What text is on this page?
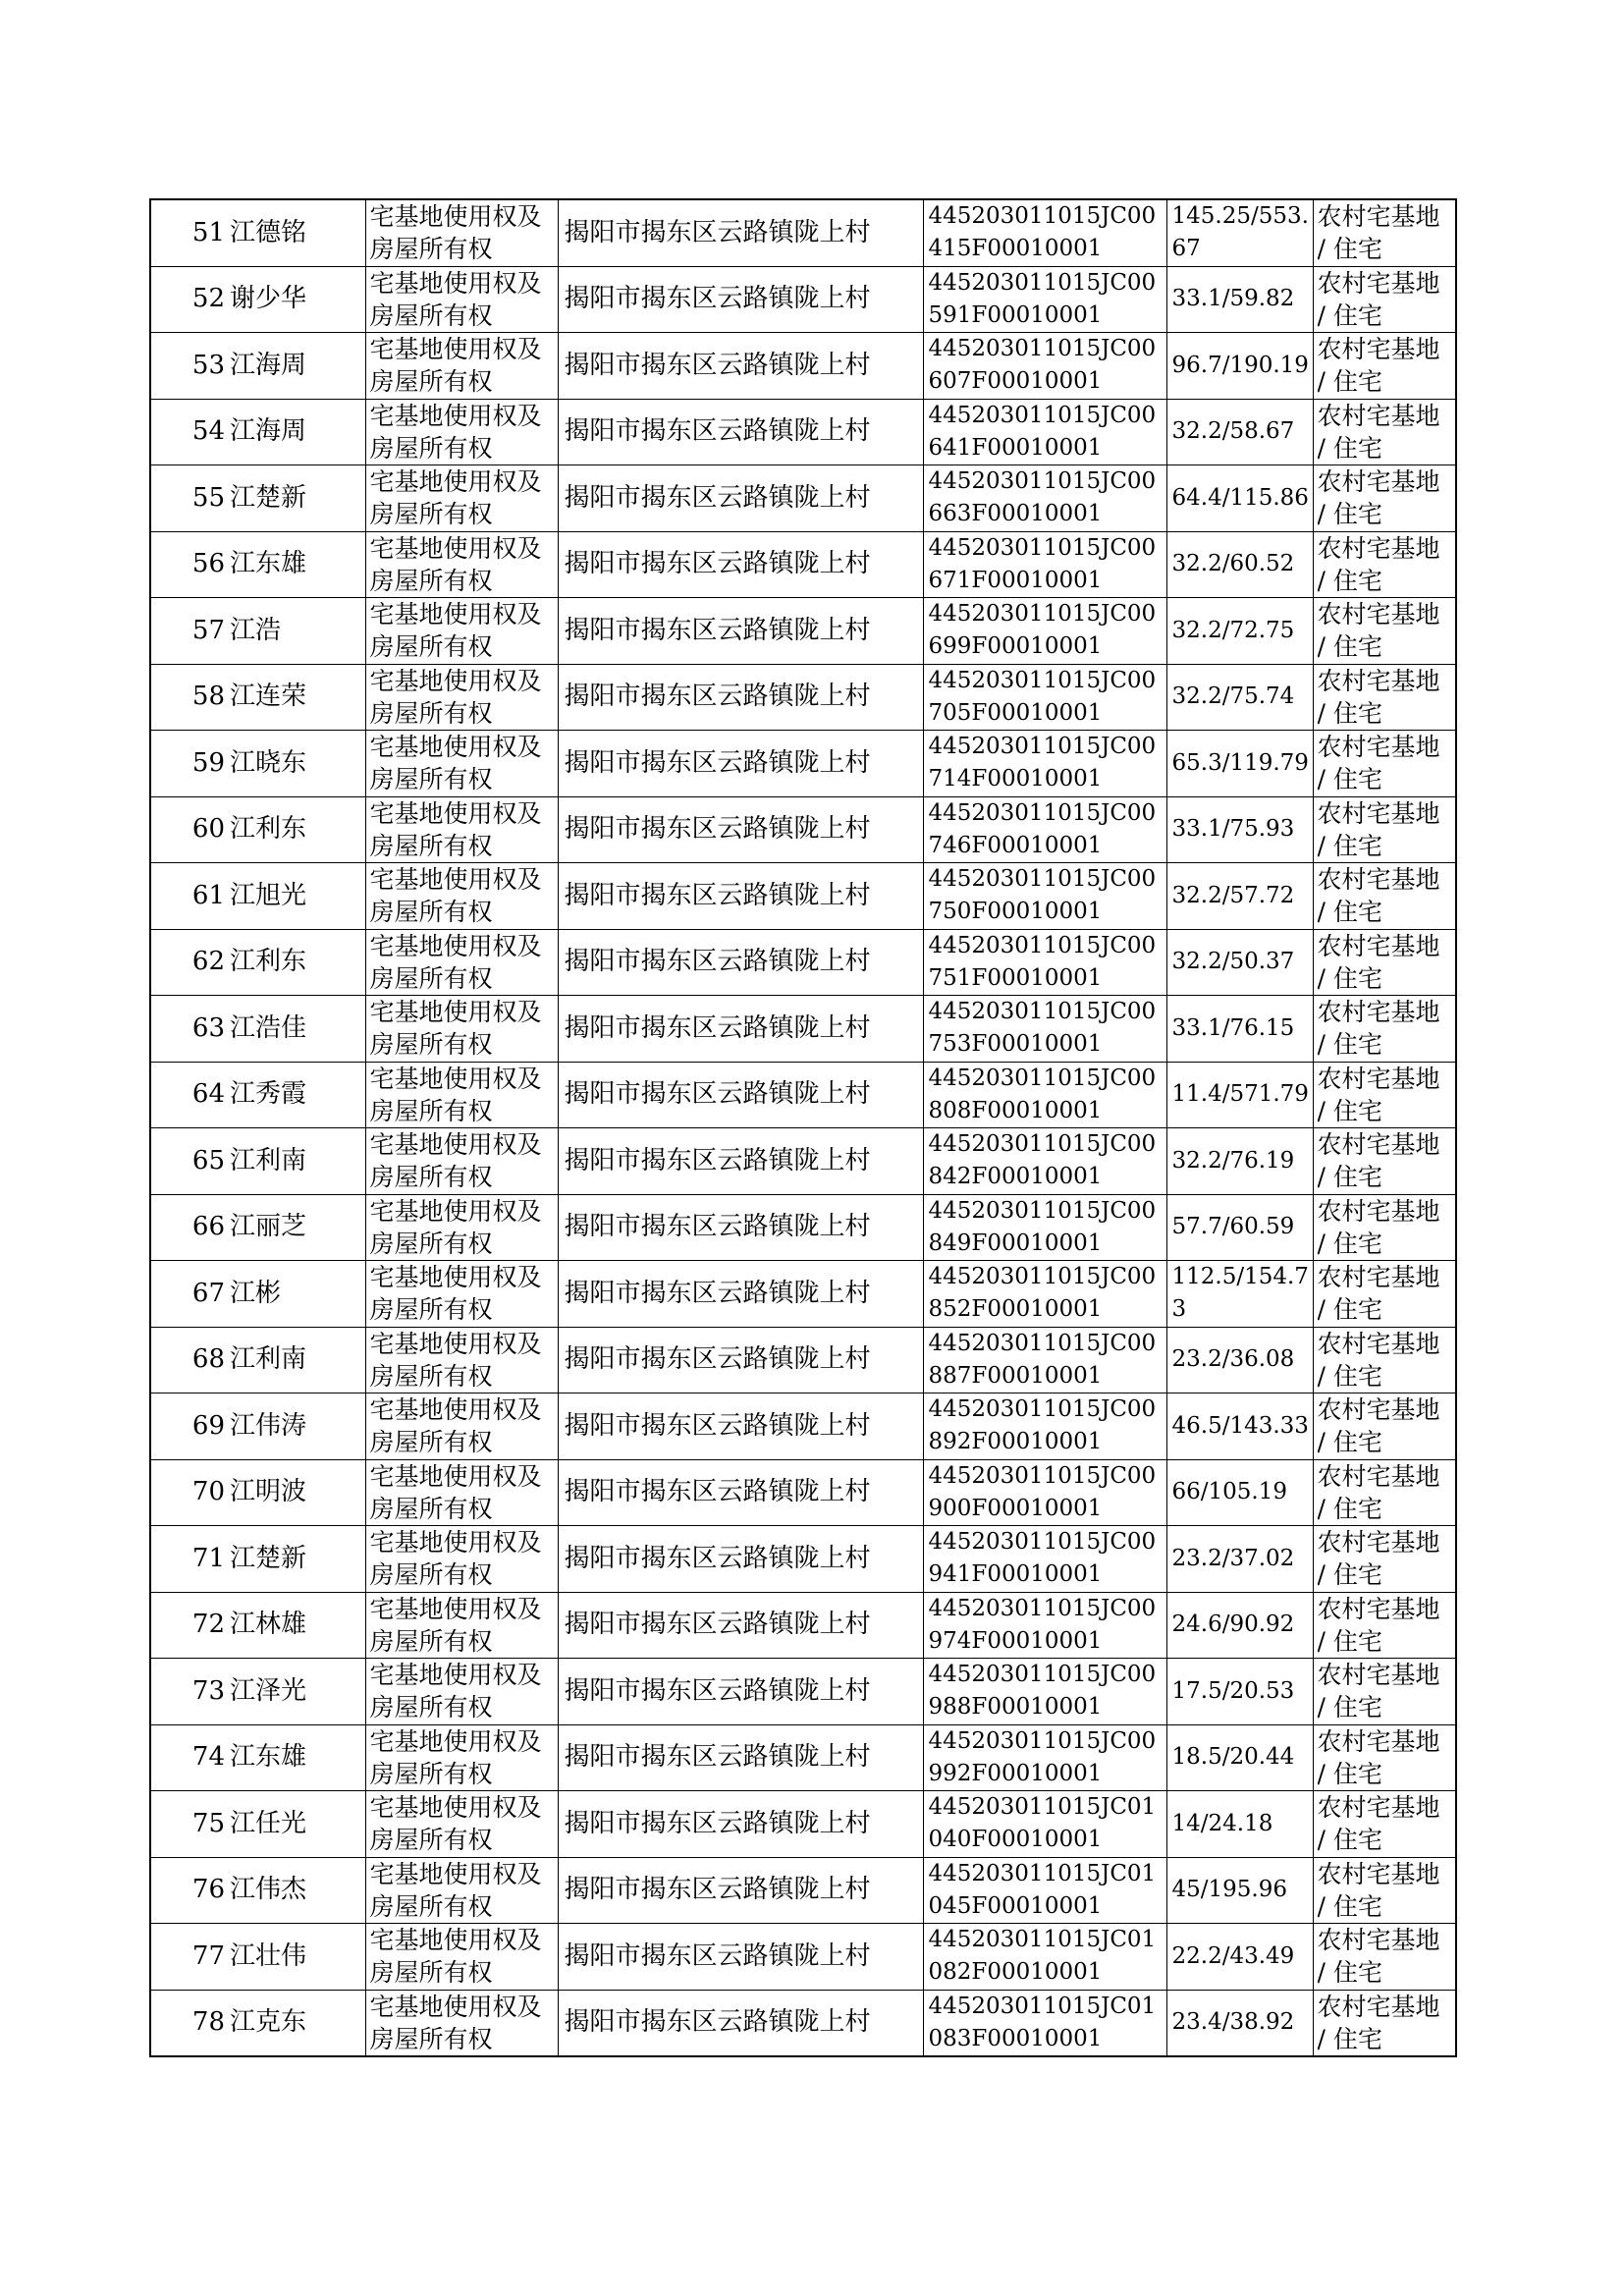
51	江德铭	宅基地使用权及房屋所有权	揭阳市揭东区云路镇陇上村	445203011015JC00415F00010001	145.25/553.67	农村宅基地 / 住宅

52	谢少华	宅基地使用权及房屋所有权	揭阳市揭东区云路镇陇上村	445203011015JC00591F00010001	33.1/59.82	农村宅基地 / 住宅

53	江海周	宅基地使用权及房屋所有权	揭阳市揭东区云路镇陇上村	445203011015JC00607F00010001	96.7/190.19	农村宅基地 / 住宅

54	江海周	宅基地使用权及房屋所有权	揭阳市揭东区云路镇陇上村	445203011015JC00641F00010001	32.2/58.67	农村宅基地 / 住宅

55	江楚新	宅基地使用权及房屋所有权	揭阳市揭东区云路镇陇上村	445203011015JC00663F00010001	64.4/115.86	农村宅基地 / 住宅

56	江东雄	宅基地使用权及房屋所有权	揭阳市揭东区云路镇陇上村	445203011015JC00671F00010001	32.2/60.52	农村宅基地 / 住宅

57	江浩	宅基地使用权及房屋所有权	揭阳市揭东区云路镇陇上村	445203011015JC00699F00010001	32.2/72.75	农村宅基地 / 住宅

58	江连荣	宅基地使用权及房屋所有权	揭阳市揭东区云路镇陇上村	445203011015JC00705F00010001	32.2/75.74	农村宅基地 / 住宅

59	江晓东	宅基地使用权及房屋所有权	揭阳市揭东区云路镇陇上村	445203011015JC00714F00010001	65.3/119.79	农村宅基地 / 住宅

60	江利东	宅基地使用权及房屋所有权	揭阳市揭东区云路镇陇上村	445203011015JC00746F00010001	33.1/75.93	农村宅基地 / 住宅

61	江旭光	宅基地使用权及房屋所有权	揭阳市揭东区云路镇陇上村	445203011015JC00750F00010001	32.2/57.72	农村宅基地 / 住宅

62	江利东	宅基地使用权及房屋所有权	揭阳市揭东区云路镇陇上村	445203011015JC00751F00010001	32.2/50.37	农村宅基地 / 住宅

63	江浩佳	宅基地使用权及房屋所有权	揭阳市揭东区云路镇陇上村	445203011015JC00753F00010001	33.1/76.15	农村宅基地 / 住宅

64	江秀霞	宅基地使用权及房屋所有权	揭阳市揭东区云路镇陇上村	445203011015JC00808F00010001	11.4/571.79	农村宅基地 / 住宅

65	江利南	宅基地使用权及房屋所有权	揭阳市揭东区云路镇陇上村	445203011015JC00842F00010001	32.2/76.19	农村宅基地 / 住宅

66	江丽芝	宅基地使用权及房屋所有权	揭阳市揭东区云路镇陇上村	445203011015JC00849F00010001	57.7/60.59	农村宅基地 / 住宅

67	江彬	宅基地使用权及房屋所有权	揭阳市揭东区云路镇陇上村	445203011015JC00852F00010001	112.5/154.73	农村宅基地 / 住宅

68	江利南	宅基地使用权及房屋所有权	揭阳市揭东区云路镇陇上村	445203011015JC00887F00010001	23.2/36.08	农村宅基地 / 住宅

69	江伟涛	宅基地使用权及房屋所有权	揭阳市揭东区云路镇陇上村	445203011015JC00892F00010001	46.5/143.33	农村宅基地 / 住宅

70	江明波	宅基地使用权及房屋所有权	揭阳市揭东区云路镇陇上村	445203011015JC00900F00010001	66/105.19	农村宅基地 / 住宅

71	江楚新	宅基地使用权及房屋所有权	揭阳市揭东区云路镇陇上村	445203011015JC00941F00010001	23.2/37.02	农村宅基地 / 住宅

72	江林雄	宅基地使用权及房屋所有权	揭阳市揭东区云路镇陇上村	445203011015JC00974F00010001	24.6/90.92	农村宅基地 / 住宅

73	江泽光	宅基地使用权及房屋所有权	揭阳市揭东区云路镇陇上村	445203011015JC00988F00010001	17.5/20.53	农村宅基地 / 住宅

74	江东雄	宅基地使用权及房屋所有权	揭阳市揭东区云路镇陇上村	445203011015JC00992F00010001	18.5/20.44	农村宅基地 / 住宅

75	江任光	宅基地使用权及房屋所有权	揭阳市揭东区云路镇陇上村	445203011015JC01040F00010001	14/24.18	农村宅基地 / 住宅

76	江伟杰	宅基地使用权及房屋所有权	揭阳市揭东区云路镇陇上村	445203011015JC01045F00010001	45/195.96	农村宅基地 / 住宅

77	江壮伟	宅基地使用权及房屋所有权	揭阳市揭东区云路镇陇上村	445203011015JC01082F00010001	22.2/43.49	农村宅基地 / 住宅

78	江克东	宅基地使用权及房屋所有权	揭阳市揭东区云路镇陇上村	445203011015JC01083F00010001	23.4/38.92	农村宅基地 / 住宅
